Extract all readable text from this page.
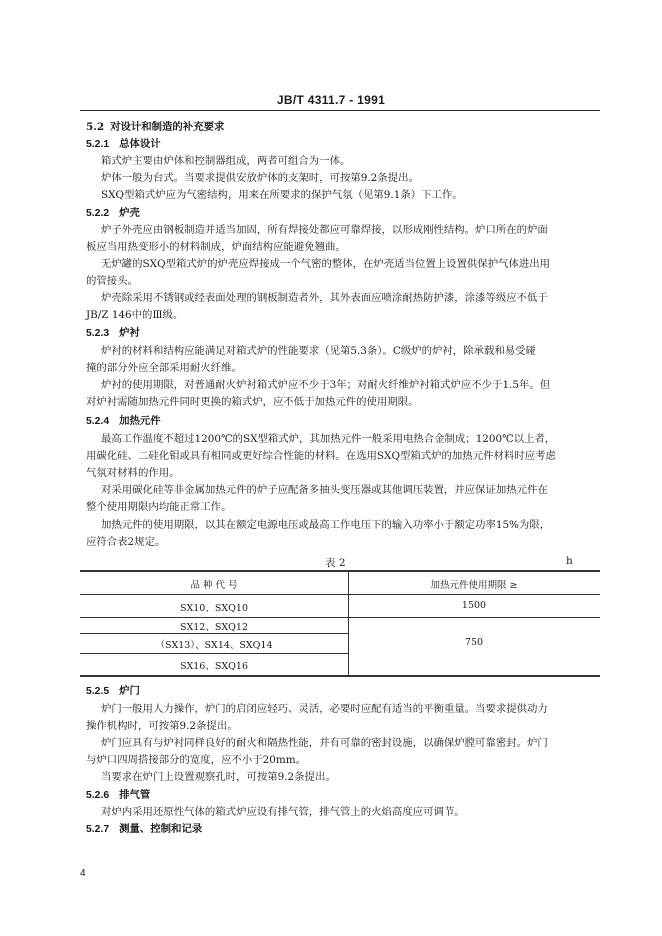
JB/T 4311.7 - 1991
5.2 对设计和制造的补充要求
5.2.1 总体设计
箱式炉主要由炉体和控制器组成，两者可组合为一体。
炉体一般为台式。当要求提供安放炉体的支架时，可按第9.2条提出。
SXQ型箱式炉应为气密结构，用来在所要求的保护气氛（见第9.1条）下工作。
5.2.2 炉壳
炉子外壳应由钢板制造并适当加固，所有焊接处都应可靠焊接，以形成刚性结构。炉口所在的炉面
板应当用热变形小的材料制成，炉面结构应能避免翘曲。
无炉罐的SXQ型箱式炉的炉壳应焊接成一个气密的整体，在炉壳适当位置上设置供保护气体进出用
的管接头。
炉壳除采用不锈钢或经表面处理的钢板制造者外，其外表面应喷涂耐热防护漆，涂漆等级应不低于
JB/Z 146中的Ⅲ级。
5.2.3 炉衬
炉衬的材料和结构应能满足对箱式炉的性能要求（见第5.3条）。C级炉的炉衬，除承载和易受碰
撞的部分外应全部采用耐火纤维。
炉衬的使用期限，对普通耐火炉衬箱式炉应不少于3年；对耐火纤维炉衬箱式炉应不少于1.5年。但
对炉衬需随加热元件同时更换的箱式炉，应不低于加热元件的使用期限。
5.2.4 加热元件
最高工作温度不超过1200℃的SX型箱式炉，其加热元件一般采用电热合金制成；1200℃以上者，
用碳化硅、二硅化钼或具有相同或更好综合性能的材料。在选用SXQ型箱式炉的加热元件材料时应考虑
气氛对材料的作用。
对采用碳化硅等非金属加热元件的炉子应配备多抽头变压器或其他调压装置，并应保证加热元件在
整个使用期限内均能正常工作。
加热元件的使用期限，以其在额定电源电压或最高工作电压下的输入功率小于额定功率15%为限，
应符合表2规定。
表 2	h
品 种 代 号	加热元件使用期限 ≥
SX10、SXQ10	1500
SX12、SXQ12
（SX13）、SX14、SXQ14	750
SX16、SXQ16
5.2.5 炉门
炉门一般用人力操作，炉门的启闭应轻巧、灵活，必要时应配有适当的平衡重量。当要求提供动力
操作机构时，可按第9.2条提出。
炉门应具有与炉衬同样良好的耐火和隔热性能，并有可靠的密封设施，以确保炉膛可靠密封。炉门
与炉口四周搭接部分的宽度，应不小于20mm。
当要求在炉门上设置观察孔时，可按第9.2条提出。
5.2.6 排气管
对炉内采用还原性气体的箱式炉应设有排气管，排气管上的火焰高度应可调节。
5.2.7 测量、控制和记录
4
